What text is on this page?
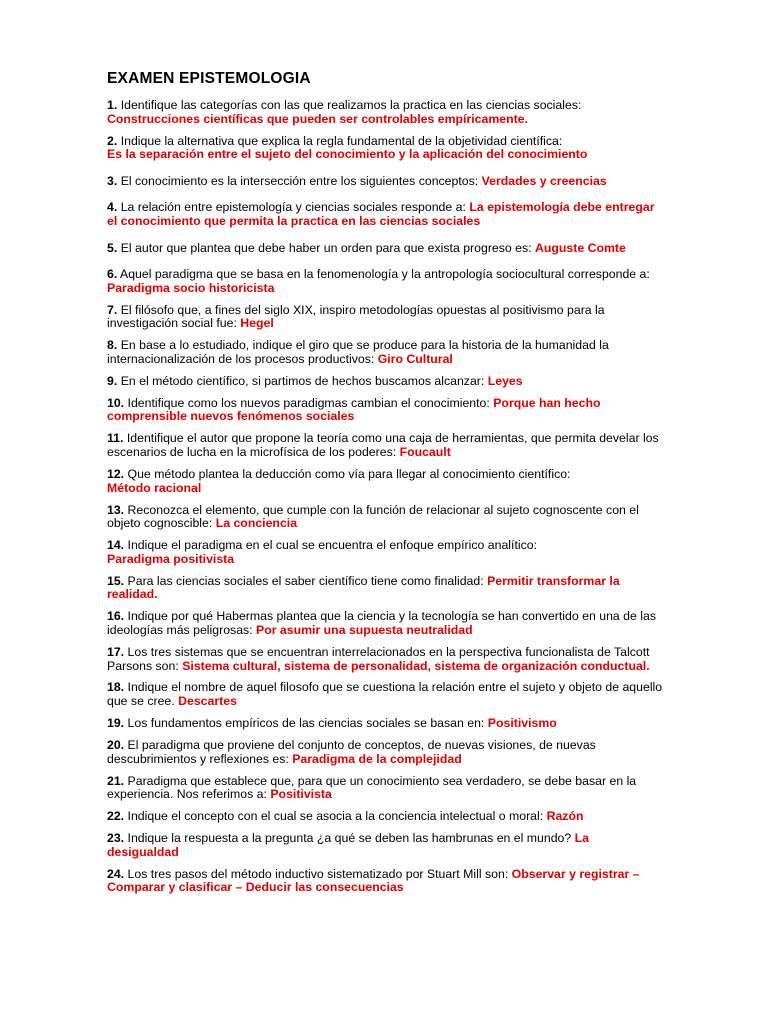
EXAMEN EPISTEMOLOGIA
1. Identifique las categorías con las que realizamos la practica en las ciencias sociales:
Construcciones científicas que pueden ser controlables empíricamente.
2. Indique la alternativa que explica la regla fundamental de la objetividad científica:
Es la separación entre el sujeto del conocimiento y la aplicación del conocimiento
3. El conocimiento es la intersección entre los siguientes conceptos: Verdades y creencias
4. La relación entre epistemología y ciencias sociales responde a: La epistemología debe entregar el conocimiento que permita la practica en las ciencias sociales
5. El autor que plantea que debe haber un orden para que exista progreso es: Auguste Comte
6. Aquel paradigma que se basa en la fenomenología y la antropología sociocultural corresponde a: Paradigma socio historicista
7. El filósofo que, a fines del siglo XIX, inspiro metodologías opuestas al positivismo para la investigación social fue: Hegel
8. En base a lo estudiado, indique el giro que se produce para la historia de la humanidad la internacionalización de los procesos productivos: Giro Cultural
9. En el método científico, si partimos de hechos buscamos alcanzar: Leyes
10. Identifique como los nuevos paradigmas cambian el conocimiento: Porque han hecho comprensible nuevos fenómenos sociales
11. Identifique el autor que propone la teoría como una caja de herramientas, que permita develar los escenarios de lucha en la microfísica de los poderes: Foucault
12. Que método plantea la deducción como vía para llegar al conocimiento científico:
Método racional
13. Reconozca el elemento, que cumple con la función de relacionar al sujeto cognoscente con el objeto cognoscible: La conciencia
14. Indique el paradigma en el cual se encuentra el enfoque empírico analítico:
Paradigma positivista
15. Para las ciencias sociales el saber científico tiene como finalidad: Permitir transformar la realidad.
16. Indique por qué Habermas plantea que la ciencia y la tecnología se han convertido en una de las ideologías más peligrosas: Por asumir una supuesta neutralidad
17. Los tres sistemas que se encuentran interrelacionados en la perspectiva funcionalista de Talcott Parsons son: Sistema cultural, sistema de personalidad, sistema de organización conductual.
18. Indique el nombre de aquel filosofo que se cuestiona la relación entre el sujeto y objeto de aquello que se cree. Descartes
19. Los fundamentos empíricos de las ciencias sociales se basan en: Positivismo
20. El paradigma que proviene del conjunto de conceptos, de nuevas visiones, de nuevas descubrimientos y reflexiones es: Paradigma de la complejidad
21. Paradigma que establece que, para que un conocimiento sea verdadero, se debe basar en la experiencia. Nos referimos a: Positivista
22. Indique el concepto con el cual se asocia a la conciencia intelectual o moral: Razón
23. Indique la respuesta a la pregunta ¿a qué se deben las hambrunas en el mundo? La desigualdad
24. Los tres pasos del método inductivo sistematizado por Stuart Mill son: Observar y registrar – Comparar y clasificar – Deducir las consecuencias
